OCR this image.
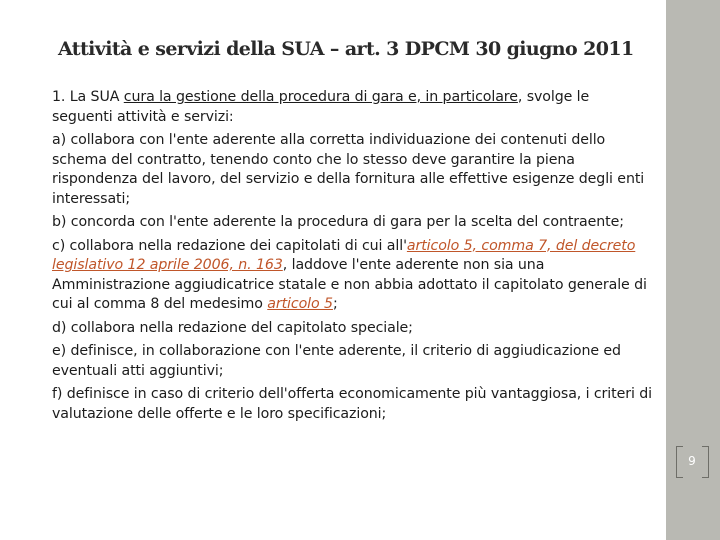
Attività e servizi della SUA – art. 3 DPCM 30 giugno 2011

1. La SUA cura la gestione della procedura di gara e, in particolare, svolge le seguenti attività e servizi:

a) collabora con l'ente aderente alla corretta individuazione dei contenuti dello schema del contratto, tenendo conto che lo stesso deve garantire la piena rispondenza del lavoro, del servizio e della fornitura alle effettive esigenze degli enti interessati;

b) concorda con l'ente aderente la procedura di gara per la scelta del contraente;

c) collabora nella redazione dei capitolati di cui all'articolo 5, comma 7, del decreto legislativo 12 aprile 2006, n. 163, laddove l'ente aderente non sia una Amministrazione aggiudicatrice statale e non abbia adottato il capitolato generale di cui al comma 8 del medesimo articolo 5;

d) collabora nella redazione del capitolato speciale;

e) definisce, in collaborazione con l'ente aderente, il criterio di aggiudicazione ed eventuali atti aggiuntivi;

f) definisce in caso di criterio dell'offerta economicamente più vantaggiosa, i criteri di valutazione delle offerte e le loro specificazioni;

9
